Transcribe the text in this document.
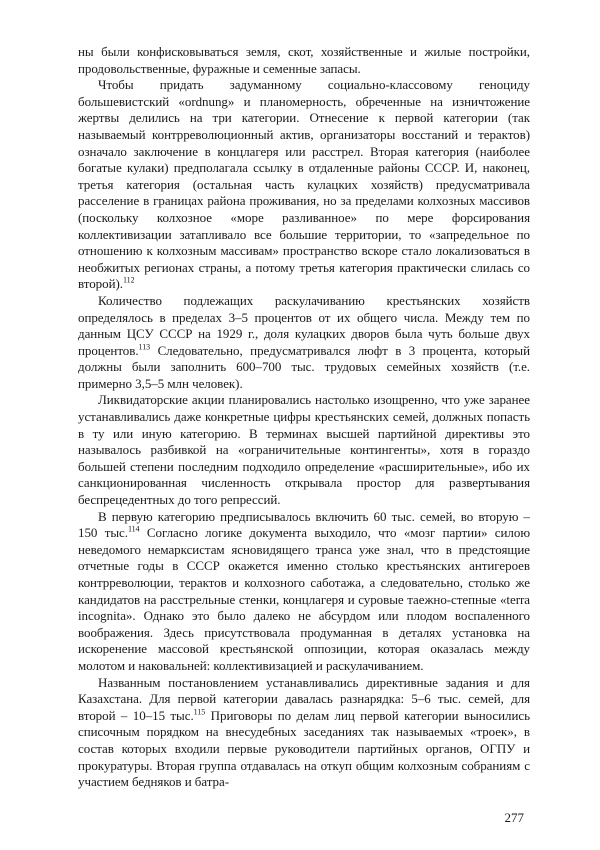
ны были конфисковываться земля, скот, хозяйственные и жилые постройки, продовольственные, фуражные и семенные запасы.

Чтобы придать задуманному социально-классовому геноциду большевистский «ordnung» и планомерность, обреченные на изничтожение жертвы делились на три категории. Отнесение к первой категории (так называемый контрреволюционный актив, организаторы восстаний и терактов) означало заключение в концлагеря или расстрел. Вторая категория (наиболее богатые кулаки) предполагала ссылку в отдаленные районы СССР. И, наконец, третья категория (остальная часть кулацких хозяйств) предусматривала расселение в границах района проживания, но за пределами колхозных массивов (поскольку колхозное «море разливанное» по мере форсирования коллективизации затапливало все большие территории, то «запредельное по отношению к колхозным массивам» пространство вскоре стало локализоваться в необжитых регионах страны, а потому третья категория практически слилась со второй).$^{112}$

Количество подлежащих раскулачиванию крестьянских хозяйств определялось в пределах 3–5 процентов от их общего числа. Между тем по данным ЦСУ СССР на 1929 г., доля кулацких дворов была чуть больше двух процентов.$^{113}$ Следовательно, предусматривался люфт в 3 процента, который должны были заполнить 600–700 тыс. трудовых семейных хозяйств (т.е. примерно 3,5–5 млн человек).

Ликвидаторские акции планировались настолько изощренно, что уже заранее устанавливались даже конкретные цифры крестьянских семей, должных попасть в ту или иную категорию. В терминах высшей партийной директивы это называлось разбивкой на «ограничительные контингенты», хотя в гораздо большей степени последним подходило определение «расширительные», ибо их санкционированная численность открывала простор для развертывания беспрецедентных до того репрессий.

В первую категорию предписывалось включить 60 тыс. семей, во вторую – 150 тыс.$^{114}$ Согласно логике документа выходило, что «мозг партии» силою неведомого немарксистам ясновидящего транса уже знал, что в предстоящие отчетные годы в СССР окажется именно столько крестьянских антигероев контрреволюции, терактов и колхозного саботажа, а следовательно, столько же кандидатов на расстрельные стенки, концлагеря и суровые таежно-степные «terra incognita». Однако это было далеко не абсурдом или плодом воспаленного воображения. Здесь присутствовала продуманная в деталях установка на искоренение массовой крестьянской оппозиции, которая оказалась между молотом и наковальней: коллективизацией и раскулачиванием.

Названным постановлением устанавливались директивные задания и для Казахстана. Для первой категории давалась разнарядка: 5–6 тыс. семей, для второй – 10–15 тыс.$^{115}$ Приговоры по делам лиц первой категории выносились списочным порядком на внесудебных заседаниях так называемых «троек», в состав которых входили первые руководители партийных органов, ОГПУ и прокуратуры. Вторая группа отдавалась на откуп общим колхозным собраниям с участием бедняков и батра-

277
